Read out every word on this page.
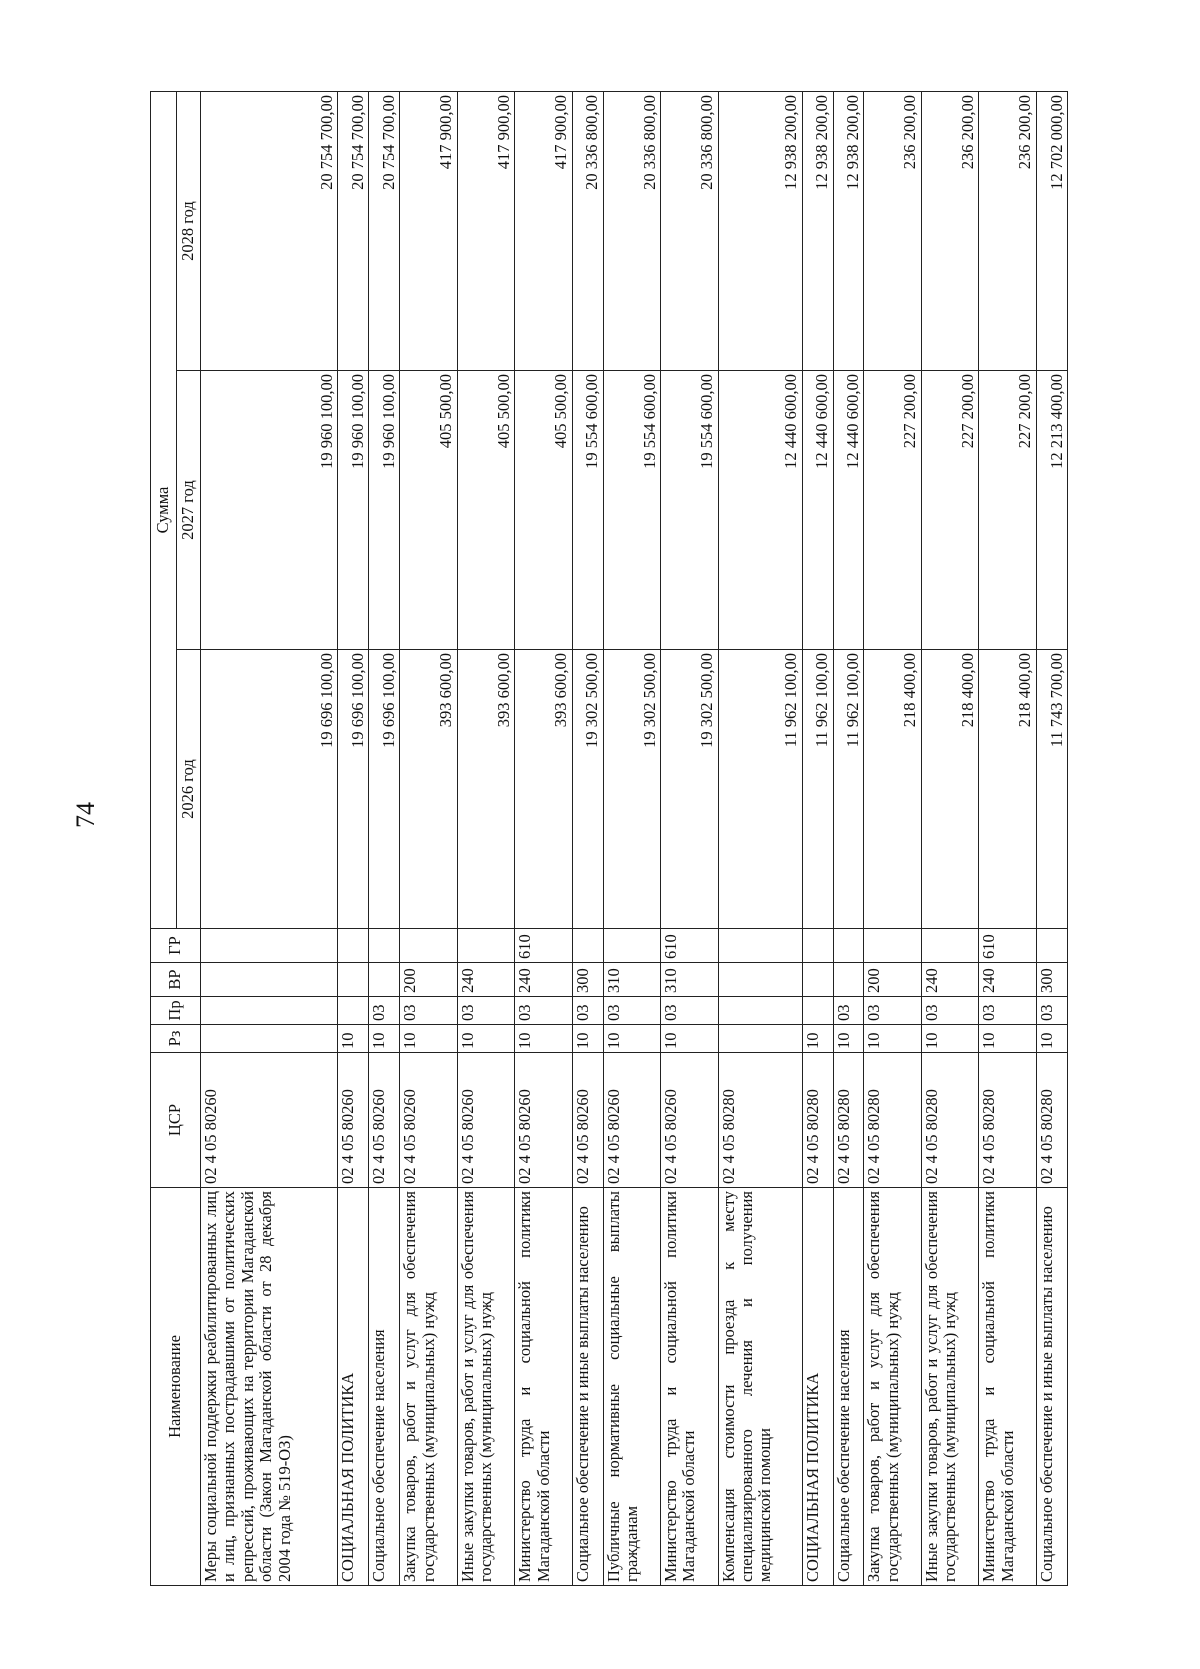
74
Наименование	ЦСР	Рз	Пр	ВР	ГР	Сумма		
						2026 год	2027 год	2028 год
Меры социальной поддержки реабилитированных лиц и лиц, признанных пострадавшими от политических репрессий, проживающих на территории Магаданской области (Закон Магаданской области от 28 декабря 2004 года № 519-ОЗ)	02 4 05 80260					19 696 100,00	19 960 100,00	20 754 700,00
СОЦИАЛЬНАЯ ПОЛИТИКА	02 4 05 80260	10				19 696 100,00	19 960 100,00	20 754 700,00
Социальное обеспечение населения	02 4 05 80260	10	03			19 696 100,00	19 960 100,00	20 754 700,00
Закупка товаров, работ и услуг для обеспечения государственных (муниципальных) нужд	02 4 05 80260	10	03	200		393 600,00	405 500,00	417 900,00
Иные закупки товаров, работ и услуг для обеспечения государственных (муниципальных) нужд	02 4 05 80260	10	03	240		393 600,00	405 500,00	417 900,00
Министерство труда и социальной политики Магаданской области	02 4 05 80260	10	03	240	610	393 600,00	405 500,00	417 900,00
Социальное обеспечение и иные выплаты населению	02 4 05 80260	10	03	300		19 302 500,00	19 554 600,00	20 336 800,00
Публичные нормативные социальные выплаты гражданам	02 4 05 80260	10	03	310		19 302 500,00	19 554 600,00	20 336 800,00
Министерство труда и социальной политики Магаданской области	02 4 05 80260	10	03	310	610	19 302 500,00	19 554 600,00	20 336 800,00
Компенсация стоимости проезда к месту специализированного лечения и получения медицинской помощи	02 4 05 80280					11 962 100,00	12 440 600,00	12 938 200,00
СОЦИАЛЬНАЯ ПОЛИТИКА	02 4 05 80280	10				11 962 100,00	12 440 600,00	12 938 200,00
Социальное обеспечение населения	02 4 05 80280	10	03			11 962 100,00	12 440 600,00	12 938 200,00
Закупка товаров, работ и услуг для обеспечения государственных (муниципальных) нужд	02 4 05 80280	10	03	200		218 400,00	227 200,00	236 200,00
Иные закупки товаров, работ и услуг для обеспечения государственных (муниципальных) нужд	02 4 05 80280	10	03	240		218 400,00	227 200,00	236 200,00
Министерство труда и социальной политики Магаданской области	02 4 05 80280	10	03	240	610	218 400,00	227 200,00	236 200,00
Социальное обеспечение и иные выплаты населению	02 4 05 80280	10	03	300		11 743 700,00	12 213 400,00	12 702 000,00
